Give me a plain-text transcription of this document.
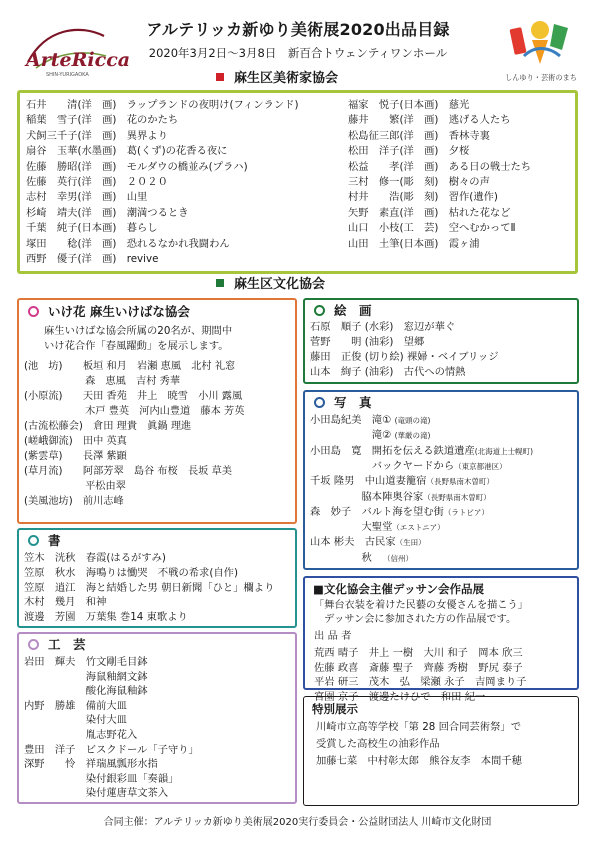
ArteRicca
SHIN-YURIGAOKA
アルテリッカ新ゆり美術展2020出品目録
2020年3月2日～3月8日　新百合トウェンティワンホール
しんゆり・芸術のまち
麻生区美術家協会
石井　　清(洋　画)　ラップランドの夜明け(フィンランド)
稲葉　雪子(洋　画)　花のかたち
犬飼三千子(洋　画)　異界より
扇谷　玉華(水墨画)　葛(くず)の花香る夜に
佐藤　勝昭(洋　画)　モルダウの橋並み(プラハ)
佐藤　英行(洋　画)　２０２０
志村　幸男(洋　画)　山里
杉崎　靖夫(洋　画)　潮満つるとき
千葉　純子(日本画)　暮らし
塚田　　稔(洋　画)　恐れるなかれ我闘わん
西野　優子(洋　画)　revive
福家　悦子(日本画)　慈光
藤井　　繁(洋　画)　逃げる人たち
松島征三郎(洋　画)　香林寺裏
松田　洋子(洋　画)　夕桜
松益　　孝(洋　画)　ある日の戦士たち
三村　修一(彫　刻)　樹々の声
村井　　浩(彫　刻)　習作(遺作)
矢野　素直(洋　画)　枯れた花など
山口　小枝(工　芸)　空へむかってⅡ
山田　土筆(日本画)　霞ヶ浦
麻生区文化協会
いけ花 麻生いけばな協会
麻生いけばな協会所属の20名が、期間中
いけ花合作「春風躍動」を展示します。
(池　坊)　　板垣 和月　岩瀬 恵風　北村 礼窓
　　　　　　森　恵風　吉村 秀華
(小原流)　　天田 香苑　井上　暁雪　小川 露風
　　　　　　木戸 豊英　河内山豊道　藤本 芳英
(古流松藤会)　倉田 理貴　眞鍋 理進
(嵯峨御流)　田中 英真
(紫雲草)　　長澤 紫顕
(草月流)　　阿部芳翠　島谷 布桜　長坂 草美
　　　　　　平松由翠
(美風池坊)　前川志峰
書
笠木　洸秋　春霞(はるがすみ)
笠原　秋水　海鳴りは慟哭　不戦の希求(自作)
笠原　逍江　海と結婚した男 朝日新聞「ひと」欄より
木村　幾月　和神
渡邊　芳園　万葉集 巻14 東歌より
工　芸
岩田　輝夫　竹文剛毛目鉢
　　　　　　海鼠釉網文鉢
　　　　　　酸化海鼠釉鉢
内野　勝雄　備前大皿
　　　　　　染付大皿
　　　　　　胤志野花入
豊田　洋子　ビスクドール「子守り」
深野　　怜　祥瑞風瓢形水指
　　　　　　染付銀彩皿「奏韻」
　　　　　　染付蓮唐草文茶入
絵　画
石原　順子 (水彩)　窓辺が華ぐ
菅野　　明 (油彩)　望郷
藤田　正俊 (切り絵) 裸婦・ベイブリッジ
山本　絢子 (油彩)　古代への情熱
写　真
小田島紀美　滝① (竜頭の滝)
　　　　　　滝② (華厳の滝)
小田島　寛　開拓を伝える鉄道遺産(北海道上士幌町)
　　　　　　バックヤードから（東京都港区）
千坂 隆男　中山道妻籠宿（長野県南木曽町）
　　　　　脇本陣奥谷家（長野県南木曽町）
森　妙子　バルト海を望む街（ラトビア）
　　　　　大聖堂（エストニア）
山本 彬夫　古民家（生田）
　　　　　秋　　（信州）
■文化協会主催デッサン会作品展
「舞台衣装を着けた民藝の女優さんを描こう」
　デッサン会に参加された方の作品展です。
出 品 者
荒西 晴子　井上 一樹　大川 和子　岡本 欣三
佐藤 政喜　斎藤 聖子　齊藤 秀樹　野尻 泰子
平岩 研三　茂木　弘　梁瀬 永子　吉岡まり子
宮園 京子　渡邊たけひで　和田 紀一
特別展示
川崎市立高等学校「第 28 回合同芸術祭」で
受賞した高校生の油彩作品
加藤七菜　中村彰太郎　熊谷友李　本間千穂
合同主催：アルテリッカ新ゆり美術展2020実行委員会・公益財団法人 川崎市文化財団
